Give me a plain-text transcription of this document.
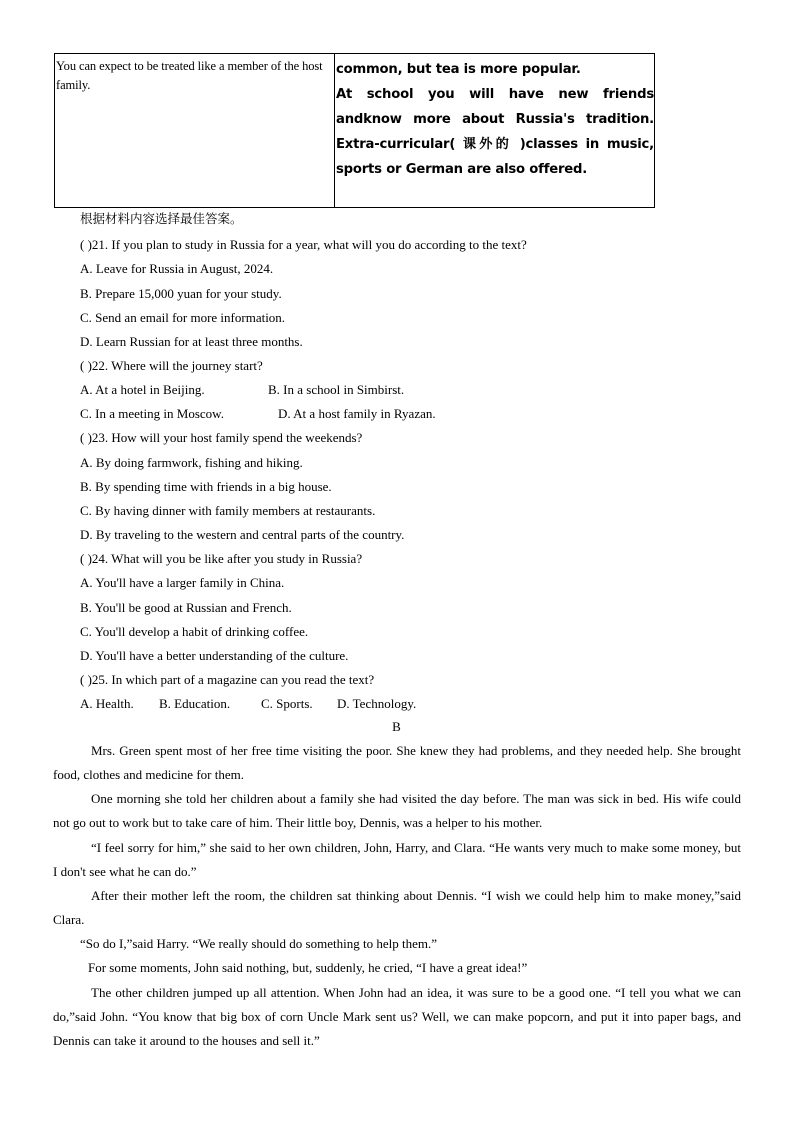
You can expect to be treated like a member of the host family.

common, but tea is more popular.

At school you will have new friends andknow more about Russia's tradition. Extra-curricular( 课外的 )classes in music, sports or German are also offered.

根据材料内容选择最佳答案。
( )21. If you plan to study in Russia for a year, what will you do according to the text?
A. Leave for Russia in August, 2024.
B. Prepare 15,000 yuan for your study.
C. Send an email for more information.
D. Learn Russian for at least three months.
( )22. Where will the journey start?
A. At a hotel in Beijing.	B. In a school in Simbirst.
C. In a meeting in Moscow.	D. At a host family in Ryazan.
( )23. How will your host family spend the weekends?
A. By doing farmwork, fishing and hiking.
B. By spending time with friends in a big house.
C. By having dinner with family members at restaurants.
D. By traveling to the western and central parts of the country.
( )24. What will you be like after you study in Russia?
A. You'll have a larger family in China.
B. You'll be good at Russian and French.
C. You'll develop a habit of drinking coffee.
D. You'll have a better understanding of the culture.
( )25. In which part of a magazine can you read the text?
A. Health. B. Education. C. Sports. D. Technology.
B
Mrs. Green spent most of her free time visiting the poor. She knew they had problems, and they needed help. She brought food, clothes and medicine for them.
One morning she told her children about a family she had visited the day before. The man was sick in bed. His wife could not go out to work but to take care of him. Their little boy, Dennis, was a helper to his mother.
“I feel sorry for him,” she said to her own children, John, Harry, and Clara. “He wants very much to make some money, but I don't see what he can do.”
After their mother left the room, the children sat thinking about Dennis. “I wish we could help him to make money,”said Clara.
“So do I,”said Harry. “We really should do something to help them.”
For some moments, John said nothing, but, suddenly, he cried, “I have a great idea!”
The other children jumped up all attention. When John had an idea, it was sure to be a good one. “I tell you what we can do,”said John. “You know that big box of corn Uncle Mark sent us? Well, we can make popcorn, and put it into paper bags, and Dennis can take it around to the houses and sell it.”
